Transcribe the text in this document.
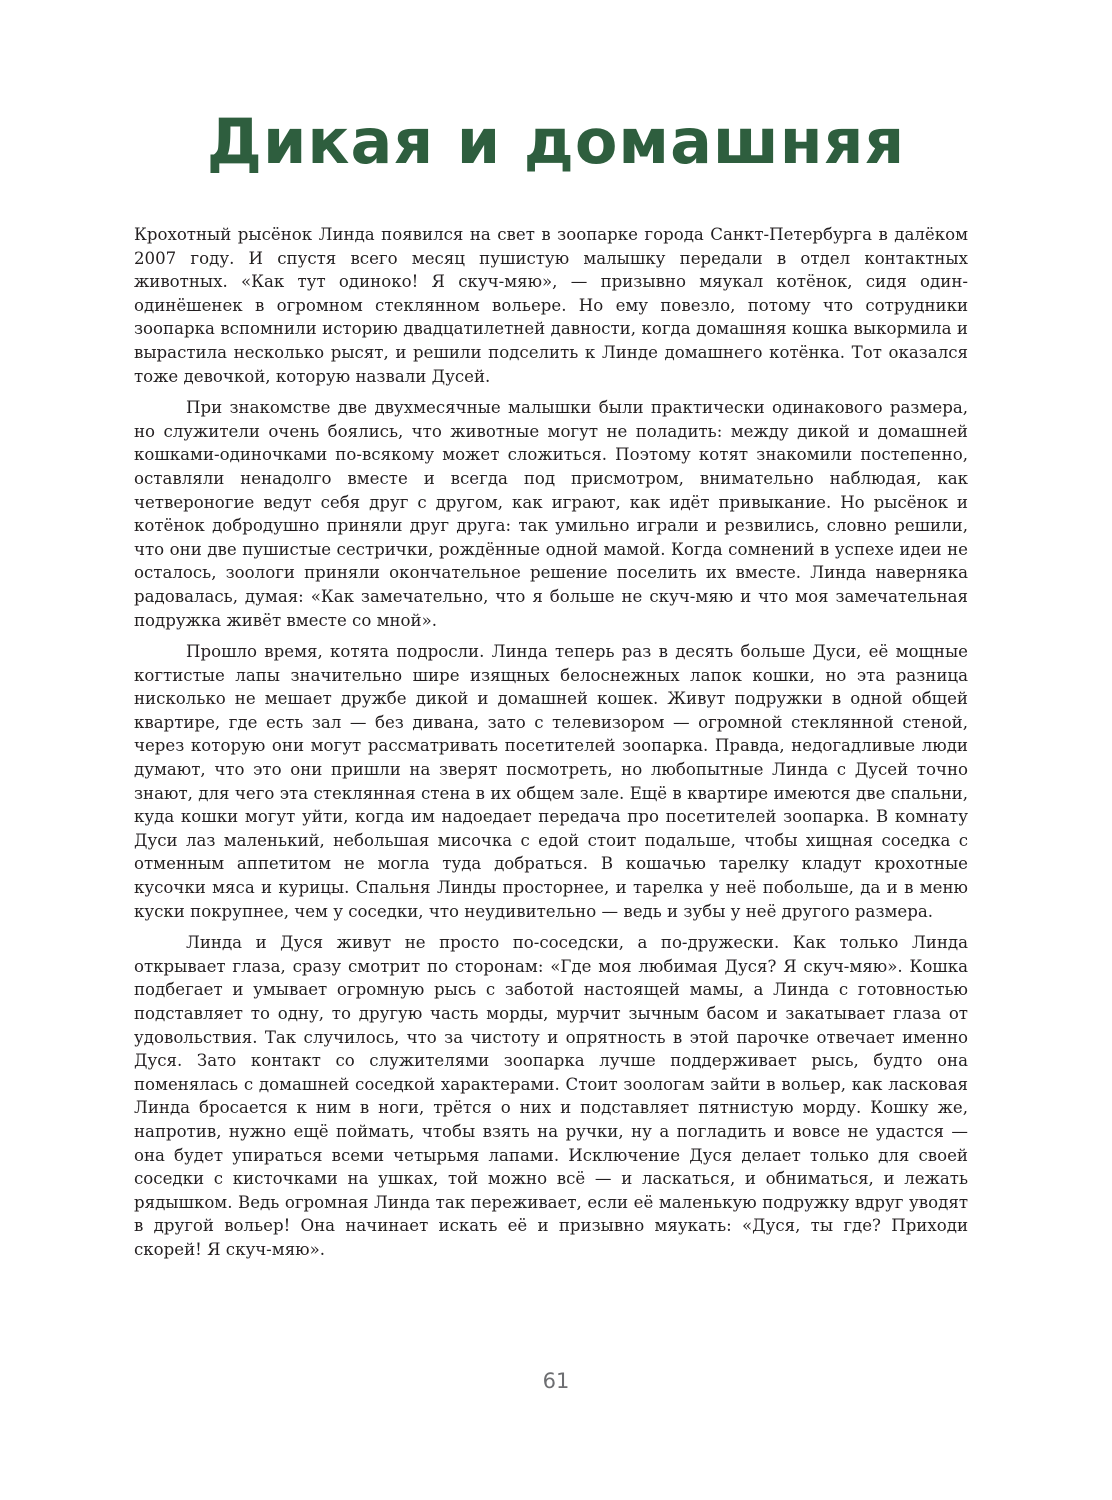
Дикая и домашняя

Крохотный рысёнок Линда появился на свет в зоопарке города Санкт-Петербурга в далёком 2007 году. И спустя всего месяц пушистую малышку передали в отдел контактных животных. «Как тут одиноко! Я скуч-мяю», — призывно мяукал котёнок, сидя один-одинёшенек в огромном стеклянном вольере. Но ему повезло, потому что сотрудники зоопарка вспомнили историю двадцатилетней давности, когда домашняя кошка выкормила и вырастила несколько рысят, и решили подселить к Линде домашнего котёнка. Тот оказался тоже девочкой, которую назвали Дусей.

При знакомстве две двухмесячные малышки были практически одинакового размера, но служители очень боялись, что животные могут не поладить: между дикой и домашней кошками-одиночками по-всякому может сложиться. Поэтому котят знакомили постепенно, оставляли ненадолго вместе и всегда под присмотром, внимательно наблюдая, как четвероногие ведут себя друг с другом, как играют, как идёт привыкание. Но рысёнок и котёнок добродушно приняли друг друга: так умильно играли и резвились, словно решили, что они две пушистые сестрички, рождённые одной мамой. Когда сомнений в успехе идеи не осталось, зоологи приняли окончательное решение поселить их вместе. Линда наверняка радовалась, думая: «Как замечательно, что я больше не скуч-мяю и что моя замечательная подружка живёт вместе со мной».

Прошло время, котята подросли. Линда теперь раз в десять больше Дуси, её мощные когтистые лапы значительно шире изящных белоснежных лапок кошки, но эта разница нисколько не мешает дружбе дикой и домашней кошек. Живут подружки в одной общей квартире, где есть зал — без дивана, зато с телевизором — огромной стеклянной стеной, через которую они могут рассматривать посетителей зоопарка. Правда, недогадливые люди думают, что это они пришли на зверят посмотреть, но любопытные Линда с Дусей точно знают, для чего эта стеклянная стена в их общем зале. Ещё в квартире имеются две спальни, куда кошки могут уйти, когда им надоедает передача про посетителей зоопарка. В комнату Дуси лаз маленький, небольшая мисочка с едой стоит подальше, чтобы хищная соседка с отменным аппетитом не могла туда добраться. В кошачью тарелку кладут крохотные кусочки мяса и курицы. Спальня Линды просторнее, и тарелка у неё побольше, да и в меню куски покрупнее, чем у соседки, что неудивительно — ведь и зубы у неё другого размера.

Линда и Дуся живут не просто по-соседски, а по-дружески. Как только Линда открывает глаза, сразу смотрит по сторонам: «Где моя любимая Дуся? Я скуч-мяю». Кошка подбегает и умывает огромную рысь с заботой настоящей мамы, а Линда с готовностью подставляет то одну, то другую часть морды, мурчит зычным басом и закатывает глаза от удовольствия. Так случилось, что за чистоту и опрятность в этой парочке отвечает именно Дуся. Зато контакт со служителями зоопарка лучше поддерживает рысь, будто она поменялась с домашней соседкой характерами. Стоит зоологам зайти в вольер, как ласковая Линда бросается к ним в ноги, трётся о них и подставляет пятнистую морду. Кошку же, напротив, нужно ещё поймать, чтобы взять на ручки, ну а погладить и вовсе не удастся — она будет упираться всеми четырьмя лапами. Исключение Дуся делает только для своей соседки с кисточками на ушках, той можно всё — и ласкаться, и обниматься, и лежать рядышком. Ведь огромная Линда так переживает, если её маленькую подружку вдруг уводят в другой вольер! Она начинает искать её и призывно мяукать: «Дуся, ты где? Приходи скорей! Я скуч-мяю».

61
